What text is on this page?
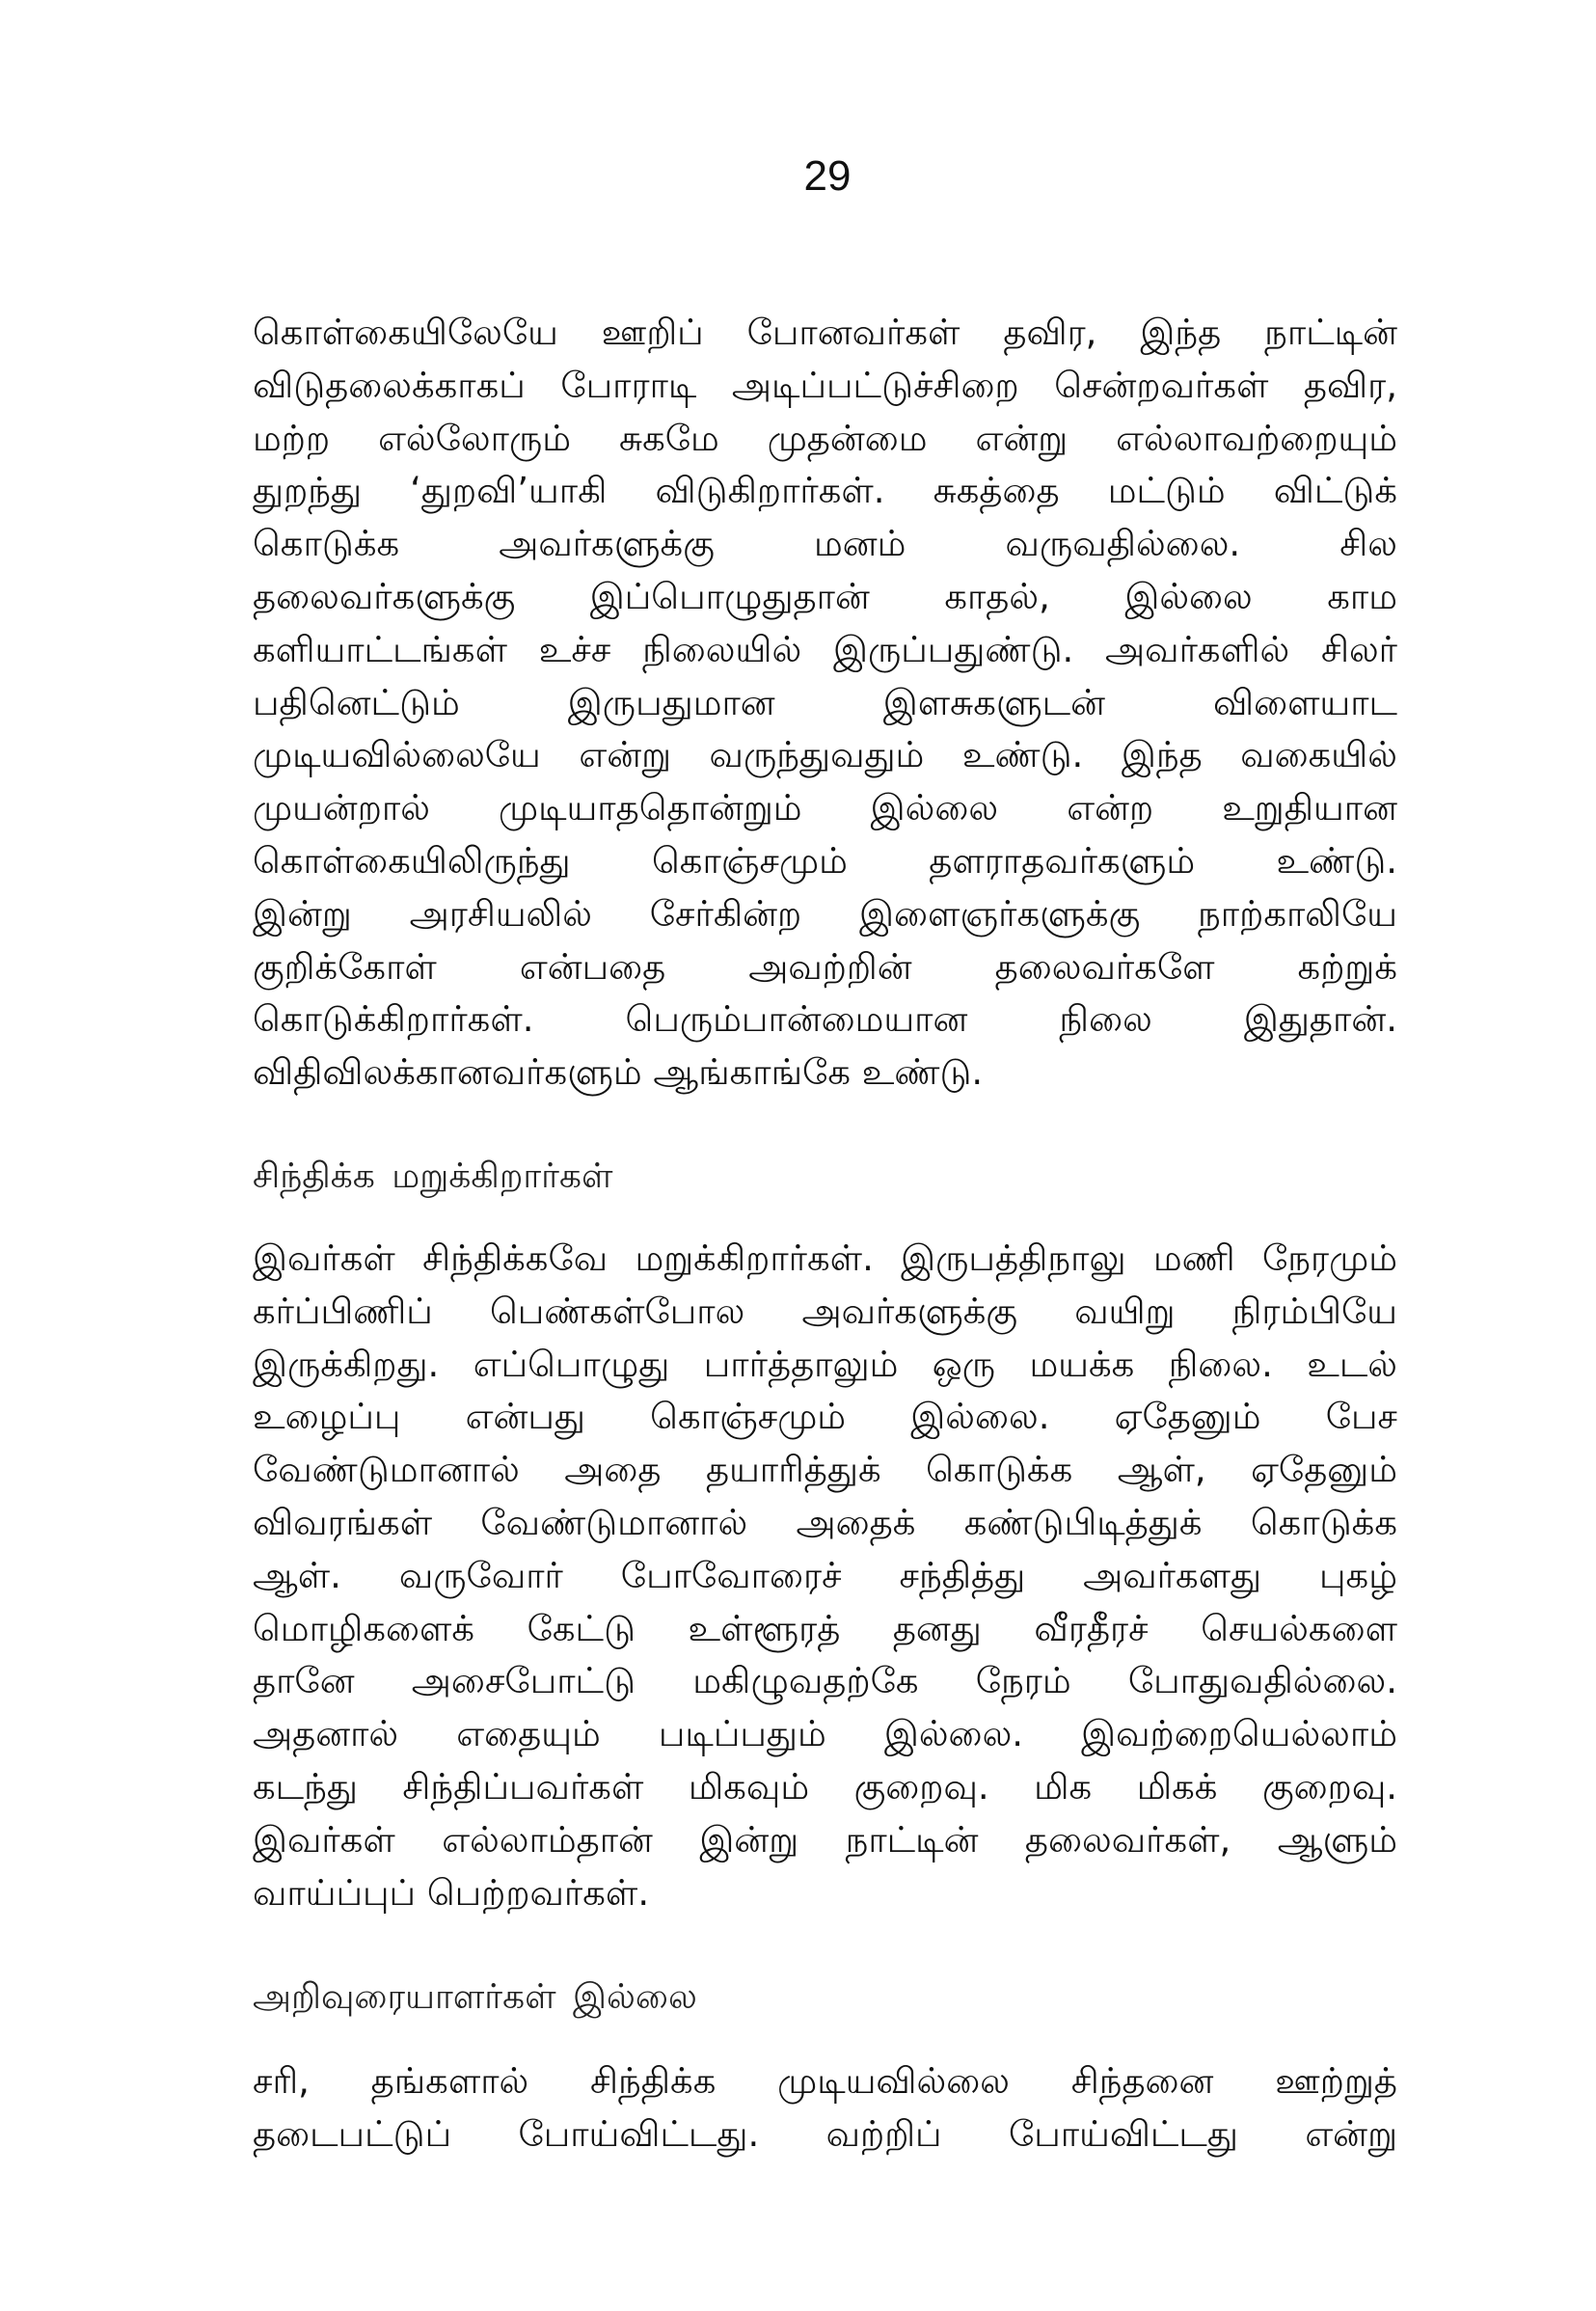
29
கொள்கையிலேயே ஊறிப் போனவர்கள் தவிர, இந்த நாட்டின்
விடுதலைக்காகப் போராடி அடிப்பட்டுச்சிறை சென்றவர்கள் தவிர,
மற்ற எல்லோரும் சுகமே முதன்மை என்று எல்லாவற்றையும்
துறந்து ‘துறவி’யாகி விடுகிறார்கள். சுகத்தை மட்டும் விட்டுக்
கொடுக்க அவர்களுக்கு மனம் வருவதில்லை. சில
தலைவர்களுக்கு இப்பொழுதுதான் காதல், இல்லை காம
களியாட்டங்கள் உச்ச நிலையில் இருப்பதுண்டு. அவர்களில் சிலர்
பதினெட்டும் இருபதுமான இளசுகளுடன் விளையாட
முடியவில்லையே என்று வருந்துவதும் உண்டு. இந்த வகையில்
முயன்றால் முடியாததொன்றும் இல்லை என்ற உறுதியான
கொள்கையிலிருந்து கொஞ்சமும் தளராதவர்களும் உண்டு.
இன்று அரசியலில் சேர்கின்ற இளைஞர்களுக்கு நாற்காலியே
குறிக்கோள் என்பதை அவற்றின் தலைவர்களே கற்றுக்
கொடுக்கிறார்கள். பெரும்பான்மையான நிலை இதுதான்.
விதிவிலக்கானவர்களும் ஆங்காங்கே உண்டு.
சிந்திக்க மறுக்கிறார்கள்
இவர்கள் சிந்திக்கவே மறுக்கிறார்கள். இருபத்திநாலு மணி நேரமும்
கர்ப்பிணிப் பெண்கள்போல அவர்களுக்கு வயிறு நிரம்பியே
இருக்கிறது. எப்பொழுது பார்த்தாலும் ஒரு மயக்க நிலை. உடல்
உழைப்பு என்பது கொஞ்சமும் இல்லை. ஏதேனும் பேச
வேண்டுமானால் அதை தயாரித்துக் கொடுக்க ஆள், ஏதேனும்
விவரங்கள் வேண்டுமானால் அதைக் கண்டுபிடித்துக் கொடுக்க
ஆள். வருவோர் போவோரைச் சந்தித்து அவர்களது புகழ்
மொழிகளைக் கேட்டு உள்ளூரத் தனது வீரதீரச் செயல்களை
தானே அசைபோட்டு மகிழுவதற்கே நேரம் போதுவதில்லை.
அதனால் எதையும் படிப்பதும் இல்லை. இவற்றையெல்லாம்
கடந்து சிந்திப்பவர்கள் மிகவும் குறைவு. மிக மிகக் குறைவு.
இவர்கள் எல்லாம்தான் இன்று நாட்டின் தலைவர்கள், ஆளும்
வாய்ப்புப் பெற்றவர்கள்.
அறிவுரையாளர்கள் இல்லை
சரி, தங்களால் சிந்திக்க முடியவில்லை சிந்தனை ஊற்றுத்
தடைபட்டுப் போய்விட்டது. வற்றிப் போய்விட்டது என்று
